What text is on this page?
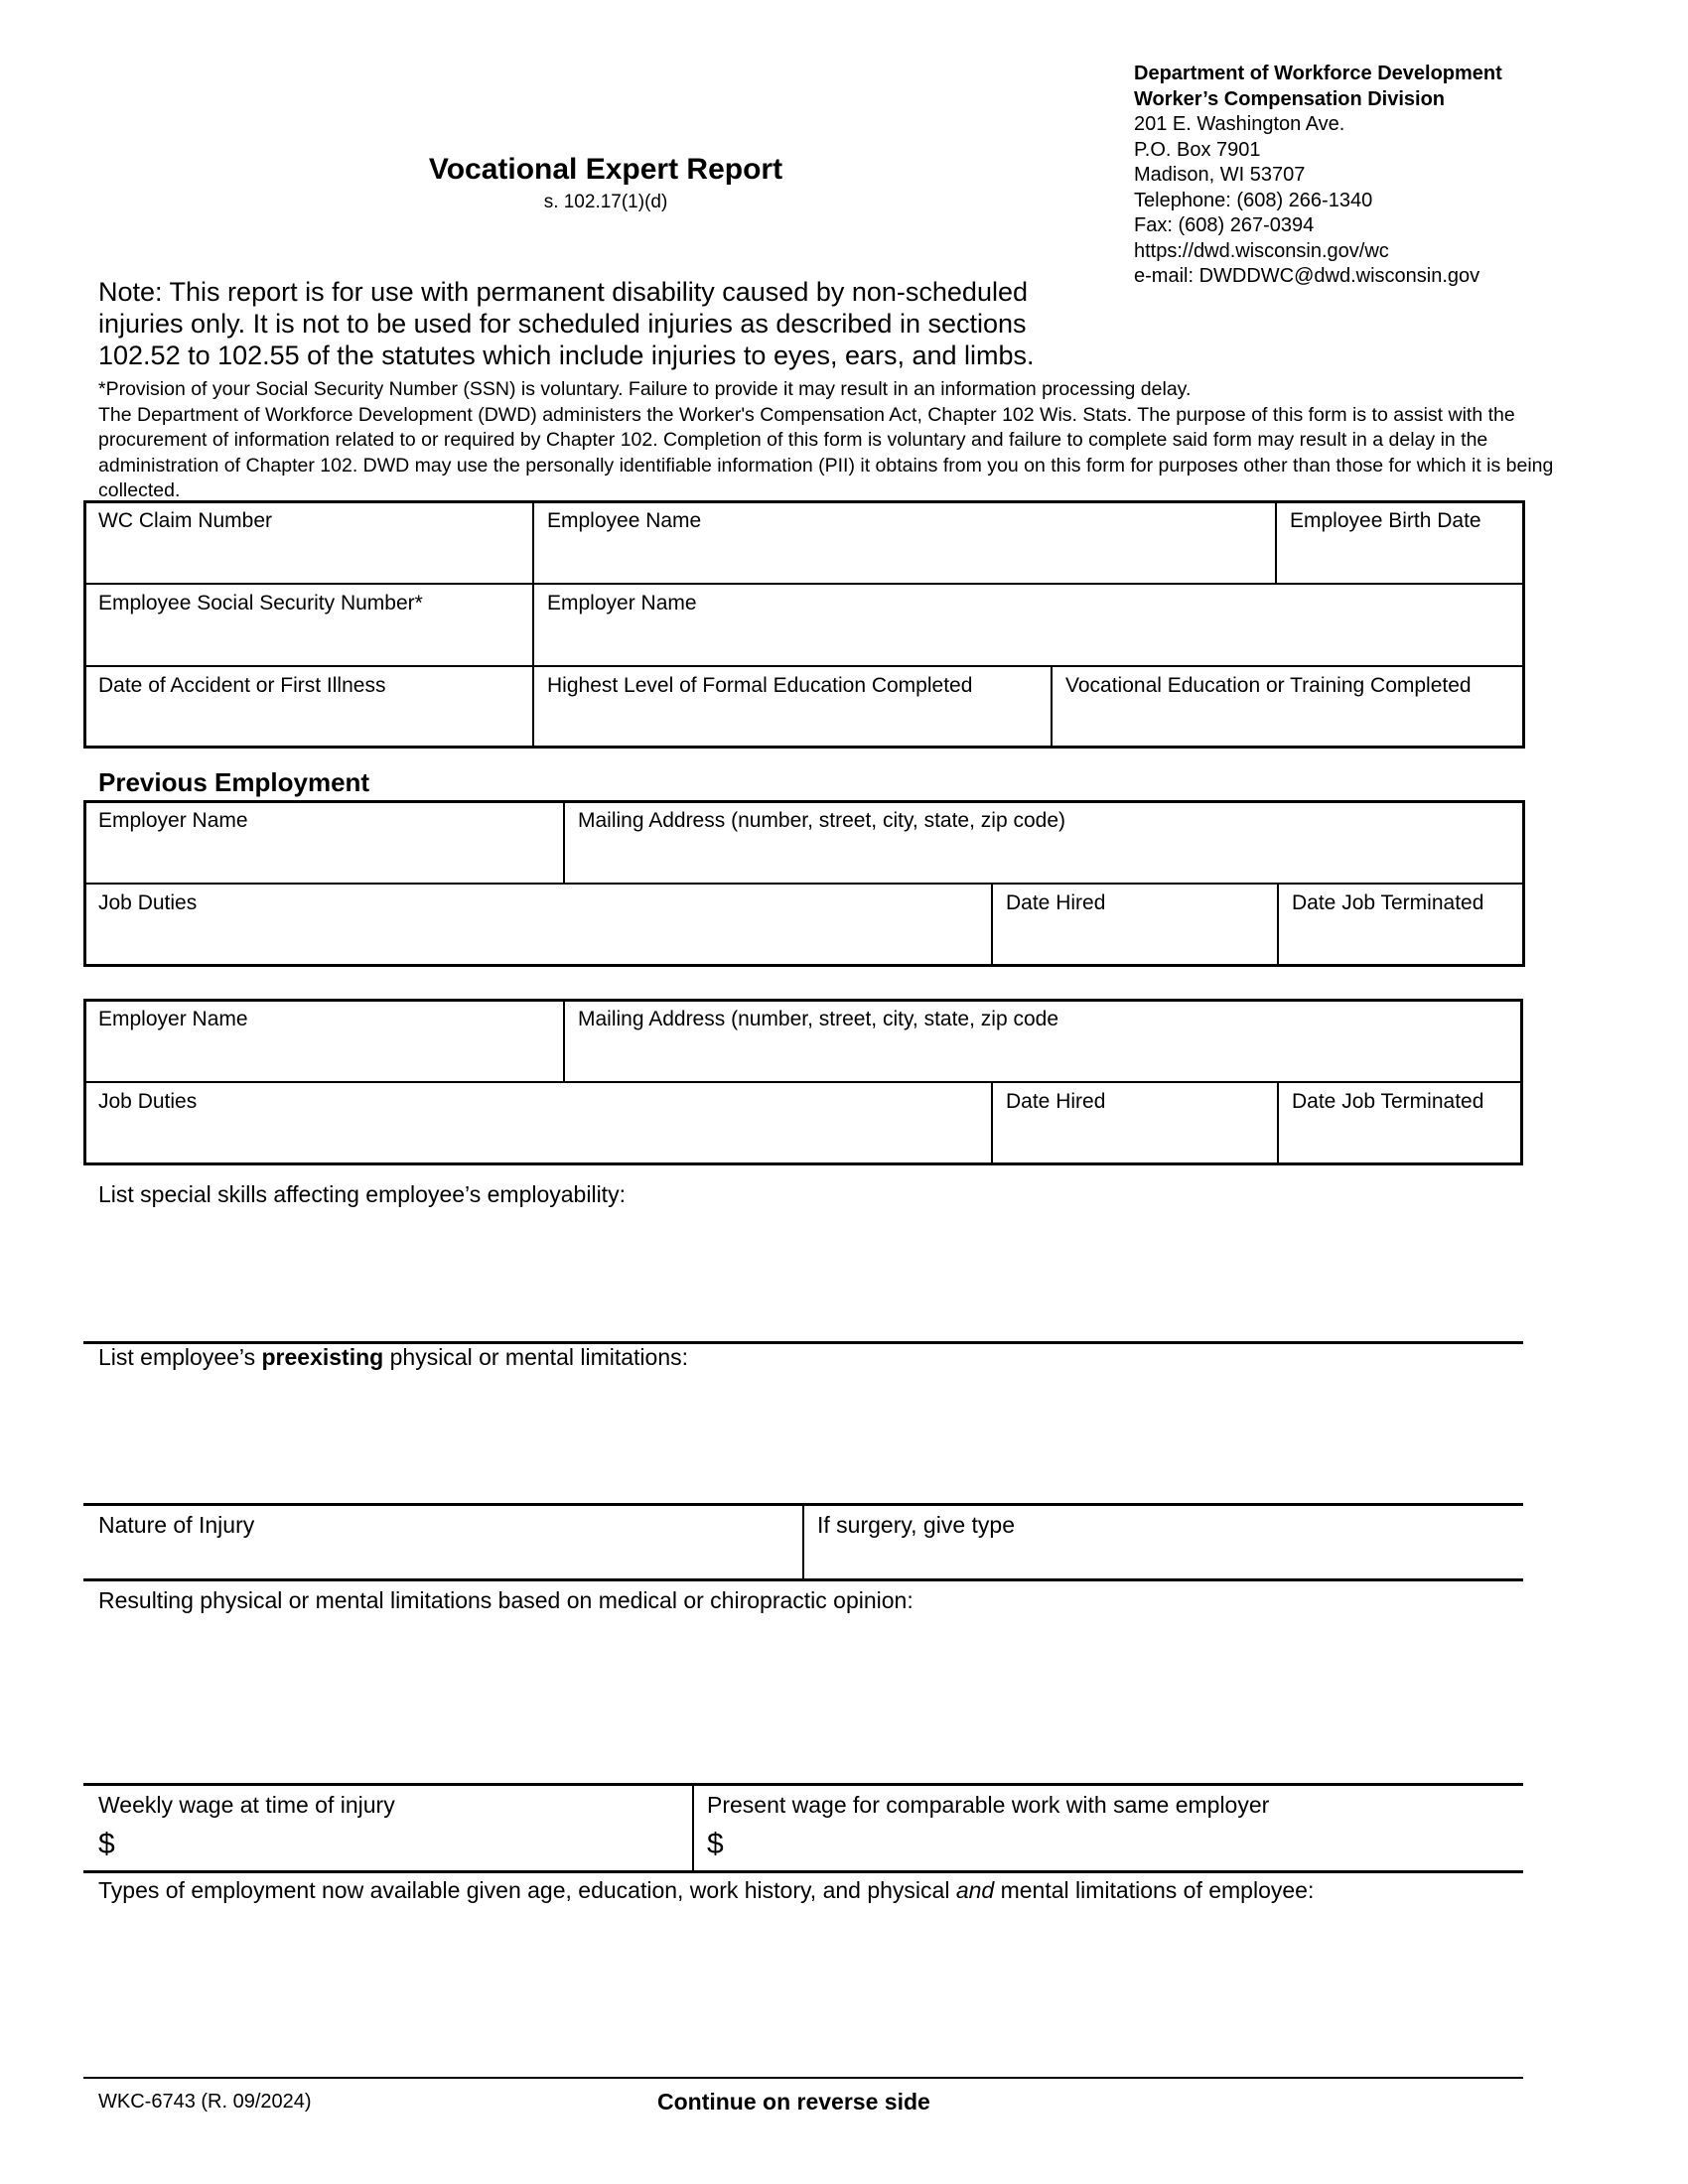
Department of Workforce Development
Worker’s Compensation Division
201 E. Washington Ave.
P.O. Box 7901
Madison, WI 53707
Telephone: (608) 266-1340
Fax: (608) 267-0394
https://dwd.wisconsin.gov/wc
e-mail: DWDDWC@dwd.wisconsin.gov
Vocational Expert Report
s. 102.17(1)(d)
Note: This report is for use with permanent disability caused by non-scheduled injuries only. It is not to be used for scheduled injuries as described in sections 102.52 to 102.55 of the statutes which include injuries to eyes, ears, and limbs.
*Provision of your Social Security Number (SSN) is voluntary. Failure to provide it may result in an information processing delay.
The Department of Workforce Development (DWD) administers the Worker's Compensation Act, Chapter 102 Wis. Stats. The purpose of this form is to assist with the procurement of information related to or required by Chapter 102. Completion of this form is voluntary and failure to complete said form may result in a delay in the administration of Chapter 102. DWD may use the personally identifiable information (PII) it obtains from you on this form for purposes other than those for which it is being collected.
WC Claim Number	Employee Name	Employee Birth Date
Employee Social Security Number*	Employer Name
Date of Accident or First Illness	Highest Level of Formal Education Completed	Vocational Education or Training Completed
Previous Employment
Employer Name	Mailing Address (number, street, city, state, zip code)
Job Duties	Date Hired	Date Job Terminated
Employer Name	Mailing Address (number, street, city, state, zip code
Job Duties	Date Hired	Date Job Terminated
List special skills affecting employee’s employability:
List employee’s preexisting physical or mental limitations:
Nature of Injury	If surgery, give type
Resulting physical or mental limitations based on medical or chiropractic opinion:
Weekly wage at time of injury
$
Present wage for comparable work with same employer
$
Types of employment now available given age, education, work history, and physical and mental limitations of employee:
WKC-6743 (R. 09/2024)	Continue on reverse side
